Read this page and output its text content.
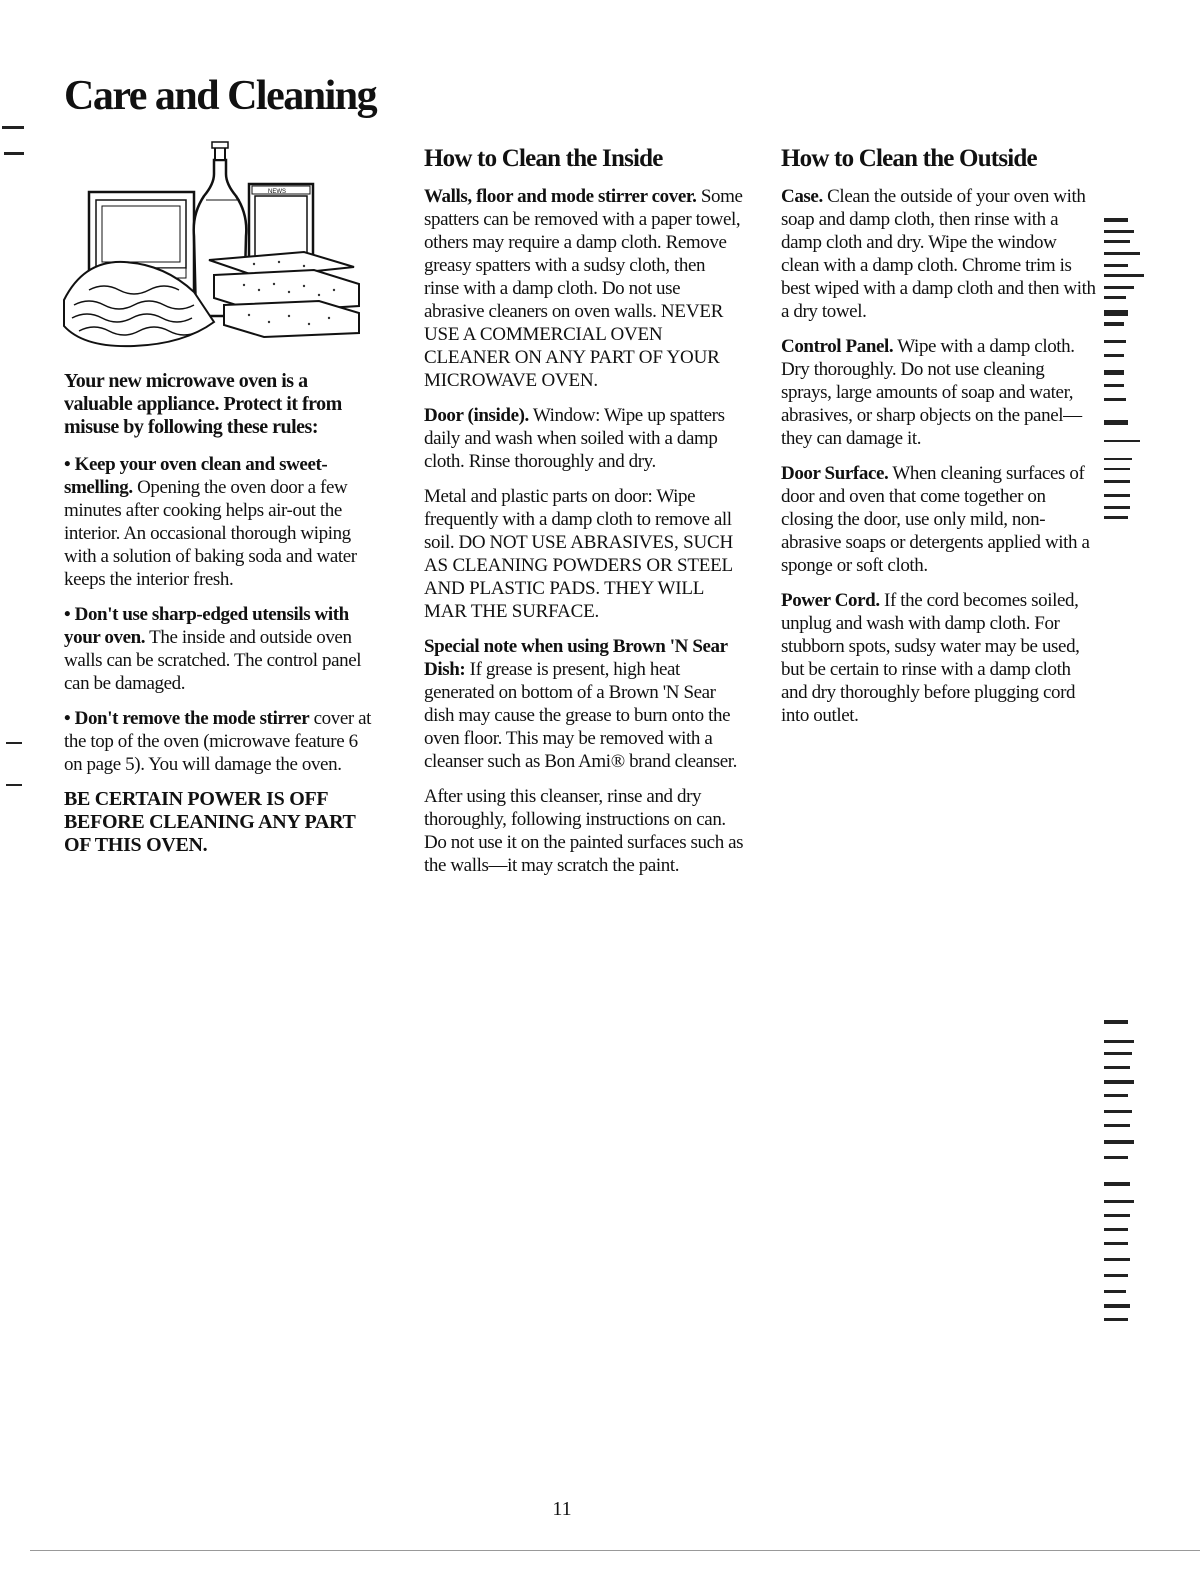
Care and Cleaning
NEWS

Your new microwave oven is a valuable appliance. Protect it from misuse by following these rules:

• Keep your oven clean and sweet-smelling. Opening the oven door a few minutes after cooking helps air-out the interior. An occasional thorough wiping with a solution of baking soda and water keeps the interior fresh.

• Don't use sharp-edged utensils with your oven. The inside and outside oven walls can be scratched. The control panel can be damaged.

• Don't remove the mode stirrer cover at the top of the oven (microwave feature 6 on page 5). You will damage the oven.

BE CERTAIN POWER IS OFF BEFORE CLEANING ANY PART OF THIS OVEN.

How to Clean the Inside

Walls, floor and mode stirrer cover. Some spatters can be removed with a paper towel, others may require a damp cloth. Remove greasy spatters with a sudsy cloth, then rinse with a damp cloth. Do not use abrasive cleaners on oven walls. NEVER USE A COMMERCIAL OVEN CLEANER ON ANY PART OF YOUR MICROWAVE OVEN.

Door (inside). Window: Wipe up spatters daily and wash when soiled with a damp cloth. Rinse thoroughly and dry.

Metal and plastic parts on door: Wipe frequently with a damp cloth to remove all soil. DO NOT USE ABRASIVES, SUCH AS CLEANING POWDERS OR STEEL AND PLASTIC PADS. THEY WILL MAR THE SURFACE.

Special note when using Brown 'N Sear Dish: If grease is present, high heat generated on bottom of a Brown 'N Sear dish may cause the grease to burn onto the oven floor. This may be removed with a cleanser such as Bon Ami® brand cleanser.

After using this cleanser, rinse and dry thoroughly, following instructions on can. Do not use it on the painted surfaces such as the walls—it may scratch the paint.

How to Clean the Outside

Case. Clean the outside of your oven with soap and damp cloth, then rinse with a damp cloth and dry. Wipe the window clean with a damp cloth. Chrome trim is best wiped with a damp cloth and then with a dry towel.

Control Panel. Wipe with a damp cloth. Dry thoroughly. Do not use cleaning sprays, large amounts of soap and water, abrasives, or sharp objects on the panel—they can damage it.

Door Surface. When cleaning surfaces of door and oven that come together on closing the door, use only mild, non-abrasive soaps or detergents applied with a sponge or soft cloth.

Power Cord. If the cord becomes soiled, unplug and wash with damp cloth. For stubborn spots, sudsy water may be used, but be certain to rinse with a damp cloth and dry thoroughly before plugging cord into outlet.

11
